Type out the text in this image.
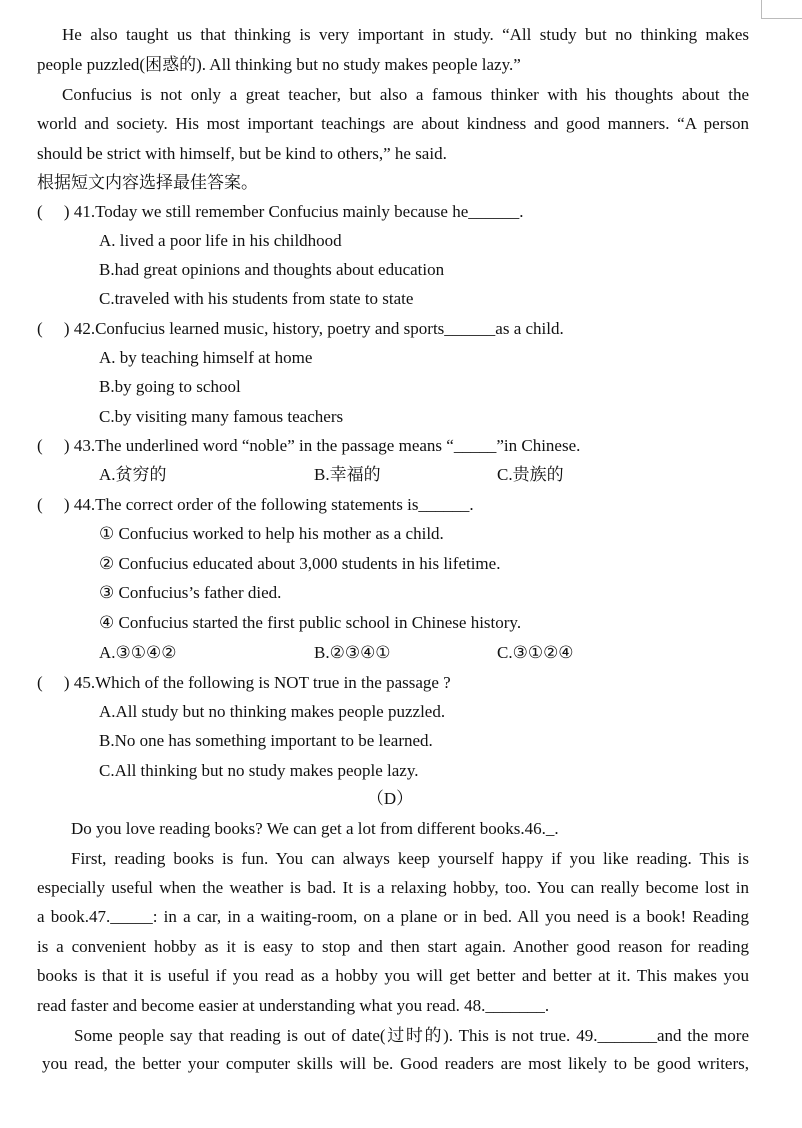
He also taught us that thinking is very important in study. “All study but no thinking makes
people puzzled(困惑的). All thinking but no study makes people lazy.”
Confucius is not only a great teacher, but also a famous thinker with his thoughts about the
world and society. His most important teachings are about kindness and good manners. “A person
should be strict with himself, but be kind to others,” he said.
根据短文内容选择最佳答案。
(　 ) 41.Today we still remember Confucius mainly because he______.
A. lived a poor life in his childhood
B.had great opinions and thoughts about education
C.traveled with his students from state to state
(　 ) 42.Confucius learned music, history, poetry and sports______as a child.
A. by teaching himself at home
B.by going to school
C.by visiting many famous teachers
(　 ) 43.The underlined word “noble” in the passage means “_____”in Chinese.
A.贫穷的	B.幸福的	C.贵族的
(　 ) 44.The correct order of the following statements is______.
① Confucius worked to help his mother as a child.
② Confucius educated about 3,000 students in his lifetime.
③ Confucius’s father died.
④ Confucius started the first public school in Chinese history.
A.③①④②	B.②③④①	C.③①②④
(　 ) 45.Which of the following is NOT true in the passage ?
A.All study but no thinking makes people puzzled.
B.No one has something important to be learned.
C.All thinking but no study makes people lazy.
（D）
Do you love reading books? We can get a lot from different books.46._.
First, reading books is fun. You can always keep yourself happy if you like reading. This is
especially useful when the weather is bad. It is a relaxing hobby, too. You can really become lost in
a book.47._____: in a car, in a waiting-room, on a plane or in bed. All you need is a book! Reading
is a convenient hobby as it is easy to stop and then start again. Another good reason for reading
books is that it is useful if you read as a hobby you will get better and better at it. This makes you
read faster and become easier at understanding what you read. 48._______.
Some people say that reading is out of date(过时的). This is not true. 49._______and the more
you read, the better your computer skills will be. Good readers are most likely to be good writers,
